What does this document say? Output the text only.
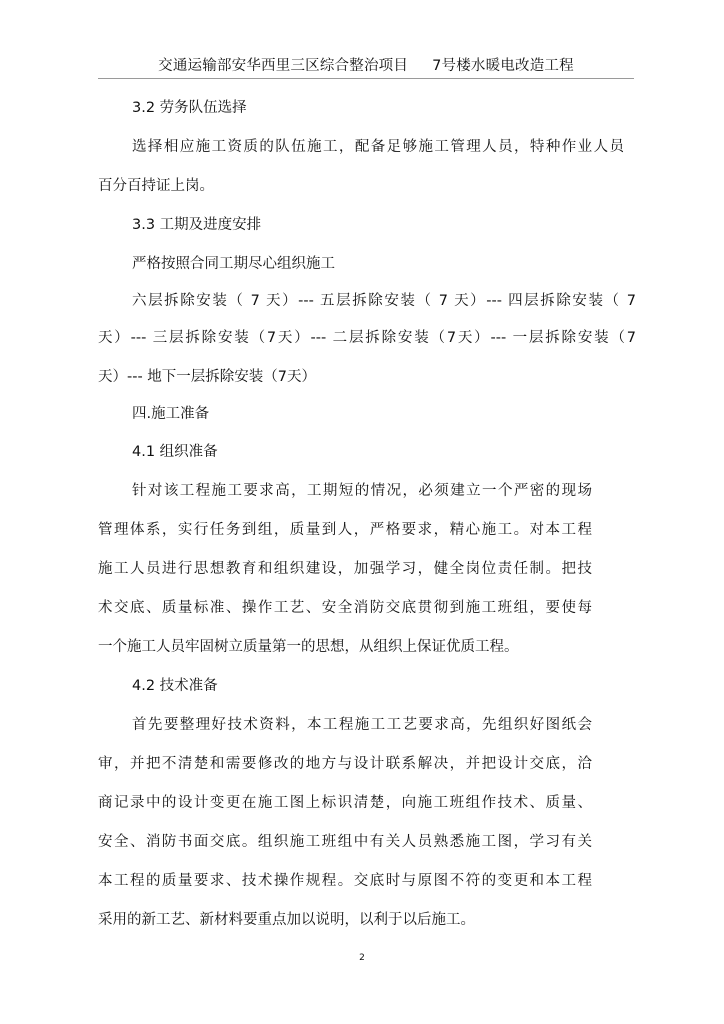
交通运输部安华西里三区综合整治项目     7号楼水暖电改造工程
3.2 劳务队伍选择
选择相应施工资质的队伍施工，配备足够施工管理人员，特种作业人员
百分百持证上岗。
3.3 工期及进度安排
严格按照合同工期尽心组织施工
六层拆除安装（ 7 天）--- 五层拆除安装（ 7 天）--- 四层拆除安装（ 7
天）--- 三层拆除安装（7天）--- 二层拆除安装（7天）--- 一层拆除安装（7
天）--- 地下一层拆除安装（7天）
四.施工准备
4.1 组织准备
针对该工程施工要求高，工期短的情况，必须建立一个严密的现场
管理体系，实行任务到组，质量到人，严格要求，精心施工。对本工程
施工人员进行思想教育和组织建设，加强学习，健全岗位责任制。把技
术交底、质量标准、操作工艺、安全消防交底贯彻到施工班组，要使每
一个施工人员牢固树立质量第一的思想，从组织上保证优质工程。
4.2 技术准备
首先要整理好技术资料，本工程施工工艺要求高，先组织好图纸会
审，并把不清楚和需要修改的地方与设计联系解决，并把设计交底，洽
商记录中的设计变更在施工图上标识清楚，向施工班组作技术、质量、
安全、消防书面交底。组织施工班组中有关人员熟悉施工图，学习有关
本工程的质量要求、技术操作规程。交底时与原图不符的变更和本工程
采用的新工艺、新材料要重点加以说明，以利于以后施工。
2
